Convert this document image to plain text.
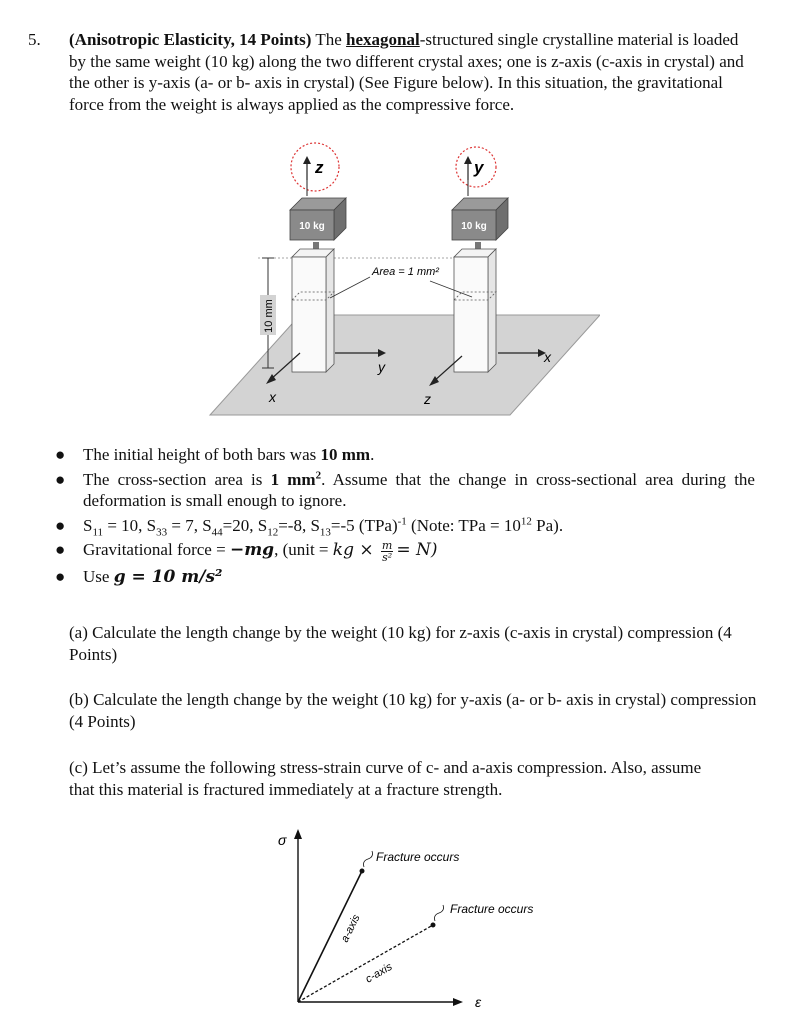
5. (Anisotropic Elasticity, 14 Points) The hexagonal-structured single crystalline material is loaded by the same weight (10 kg) along the two different crystal axes; one is z-axis (c-axis in crystal) and the other is y-axis (a- or b- axis in crystal) (See Figure below). In this situation, the gravitational force from the weight is always applied as the compressive force.
10 mm
z
10 kg
x
y
y
10 kg
z
x
Area = 1 mm²
● The initial height of both bars was 10 mm.
● The cross-section area is 1 $mm^2$. Assume that the change in cross-sectional area during the deformation is small enough to ignore.
● $S_{11} = 10$, $S_{33} = 7$, $S_{44}=20$, $S_{12}=-8$, $S_{13}=-5$ (TPa)$^{-1}$ (Note: TPa = $10^{12}$ Pa).
● Gravitational force = −mg, (unit = kg × $\frac{m}{\text{s²}} = N$)
● Use g = 10 m/s²
(a) Calculate the length change by the weight (10 kg) for z-axis (c-axis in crystal) compression (4 Points)
(b) Calculate the length change by the weight (10 kg) for y-axis (a- or b- axis in crystal) compression (4 Points)
(c) Let’s assume the following stress-strain curve of c- and a-axis compression. Also, assume that this material is fractured immediately at a fracture strength.
σ
ε
a-axis
c-axis
Fracture occurs
Fracture occurs
